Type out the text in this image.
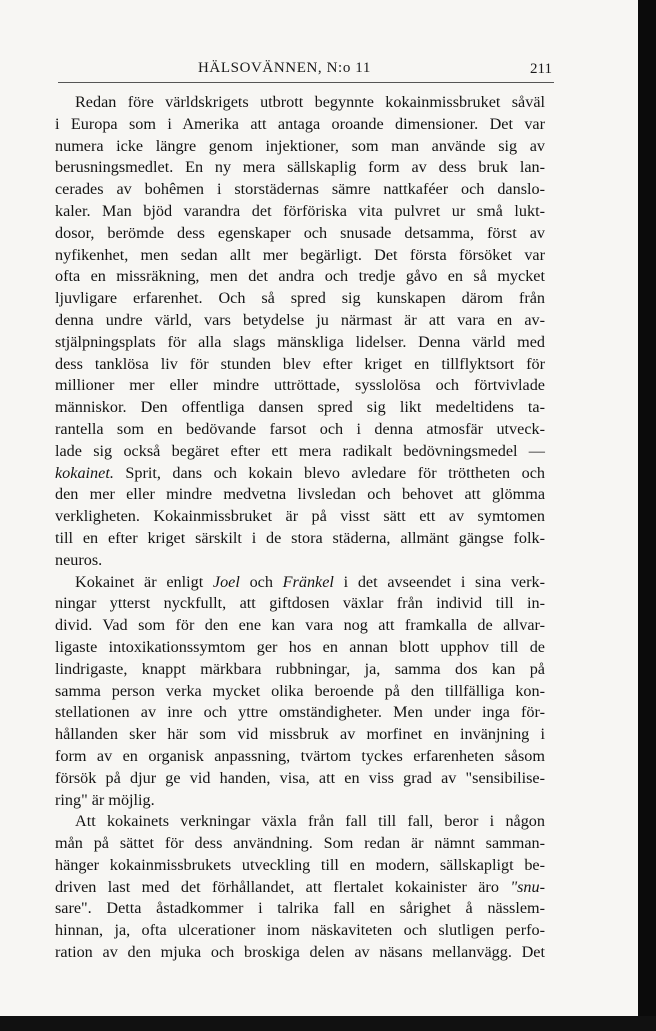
HÄLSOVÄNNEN, N:o 11	211
Redan före världskrigets utbrott begynnte kokainmissbruket såväl
i Europa som i Amerika att antaga oroande dimensioner. Det var
numera icke längre genom injektioner, som man använde sig av
berusningsmedlet. En ny mera sällskaplig form av dess bruk lan-
cerades av bohêmen i storstädernas sämre nattkaféer och danslo-
kaler. Man bjöd varandra det förföriska vita pulvret ur små lukt-
dosor, berömde dess egenskaper och snusade detsamma, först av
nyfikenhet, men sedan allt mer begärligt. Det första försöket var
ofta en missräkning, men det andra och tredje gåvo en så mycket
ljuvligare erfarenhet. Och så spred sig kunskapen därom från
denna undre värld, vars betydelse ju närmast är att vara en av-
stjälpningsplats för alla slags mänskliga lidelser. Denna värld med
dess tanklösa liv för stunden blev efter kriget en tillflyktsort för
millioner mer eller mindre uttröttade, sysslolösa och förtvivlade
människor. Den offentliga dansen spred sig likt medeltidens ta-
rantella som en bedövande farsot och i denna atmosfär utveck-
lade sig också begäret efter ett mera radikalt bedövningsmedel —
kokainet. Sprit, dans och kokain blevo avledare för tröttheten och
den mer eller mindre medvetna livsledan och behovet att glömma
verkligheten. Kokainmissbruket är på visst sätt ett av symtomen
till en efter kriget särskilt i de stora städerna, allmänt gängse folk-
neuros.
Kokainet är enligt Joel och Fränkel i det avseendet i sina verk-
ningar ytterst nyckfullt, att giftdosen växlar från individ till in-
divid. Vad som för den ene kan vara nog att framkalla de allvar-
ligaste intoxikationssymtom ger hos en annan blott upphov till de
lindrigaste, knappt märkbara rubbningar, ja, samma dos kan på
samma person verka mycket olika beroende på den tillfälliga kon-
stellationen av inre och yttre omständigheter. Men under inga för-
hållanden sker här som vid missbruk av morfinet en invänjning i
form av en organisk anpassning, tvärtom tyckes erfarenheten såsom
försök på djur ge vid handen, visa, att en viss grad av "sensibilise-
ring" är möjlig.
Att kokainets verkningar växla från fall till fall, beror i någon
mån på sättet för dess användning. Som redan är nämnt samman-
hänger kokainmissbrukets utveckling till en modern, sällskapligt be-
driven last med det förhållandet, att flertalet kokainister äro "snu-
sare". Detta åstadkommer i talrika fall en sårighet å nässlem-
hinnan, ja, ofta ulcerationer inom näskaviteten och slutligen perfo-
ration av den mjuka och broskiga delen av näsans mellanvägg. Det
